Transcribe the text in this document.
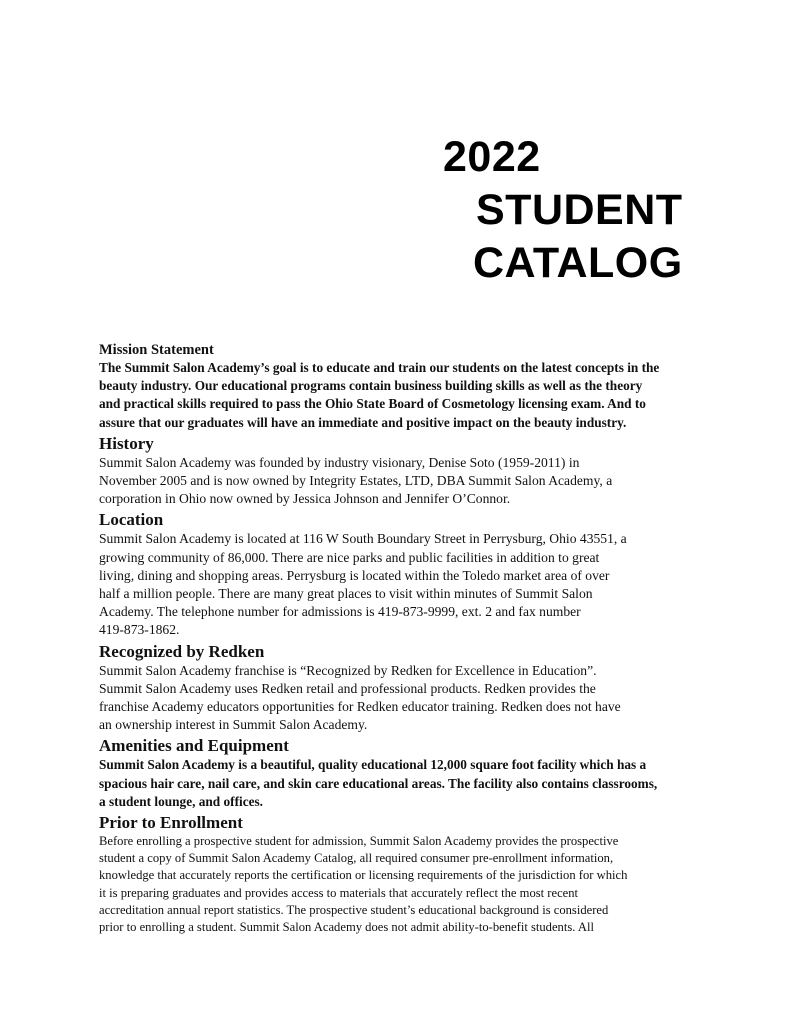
2022
STUDENT
CATALOG
Mission Statement

The Summit Salon Academy’s goal is to educate and train our students on the latest concepts in the
beauty industry. Our educational programs contain business building skills as well as the theory
and practical skills required to pass the Ohio State Board of Cosmetology licensing exam. And to
assure that our graduates will have an immediate and positive impact on the beauty industry.

History

Summit Salon Academy was founded by industry visionary, Denise Soto (1959-2011) in
November 2005 and is now owned by Integrity Estates, LTD, DBA Summit Salon Academy, a
corporation in Ohio now owned by Jessica Johnson and Jennifer O’Connor.

Location

Summit Salon Academy is located at 116 W South Boundary Street in Perrysburg, Ohio 43551, a
growing community of 86,000. There are nice parks and public facilities in addition to great
living, dining and shopping areas. Perrysburg is located within the Toledo market area of over
half a million people. There are many great places to visit within minutes of Summit Salon
Academy. The telephone number for admissions is 419-873-9999, ext. 2 and fax number
419-873-1862.

Recognized by Redken

Summit Salon Academy franchise is “Recognized by Redken for Excellence in Education”.
Summit Salon Academy uses Redken retail and professional products. Redken provides the
franchise Academy educators opportunities for Redken educator training. Redken does not have
an ownership interest in Summit Salon Academy.

Amenities and Equipment

Summit Salon Academy is a beautiful, quality educational 12,000 square foot facility which has a
spacious hair care, nail care, and skin care educational areas. The facility also contains classrooms,
a student lounge, and offices.

Prior to Enrollment

Before enrolling a prospective student for admission, Summit Salon Academy provides the prospective
student a copy of Summit Salon Academy Catalog, all required consumer pre-enrollment information,
knowledge that accurately reports the certification or licensing requirements of the jurisdiction for which
it is preparing graduates and provides access to materials that accurately reflect the most recent
accreditation annual report statistics. The prospective student’s educational background is considered
prior to enrolling a student. Summit Salon Academy does not admit ability-to-benefit students. All
